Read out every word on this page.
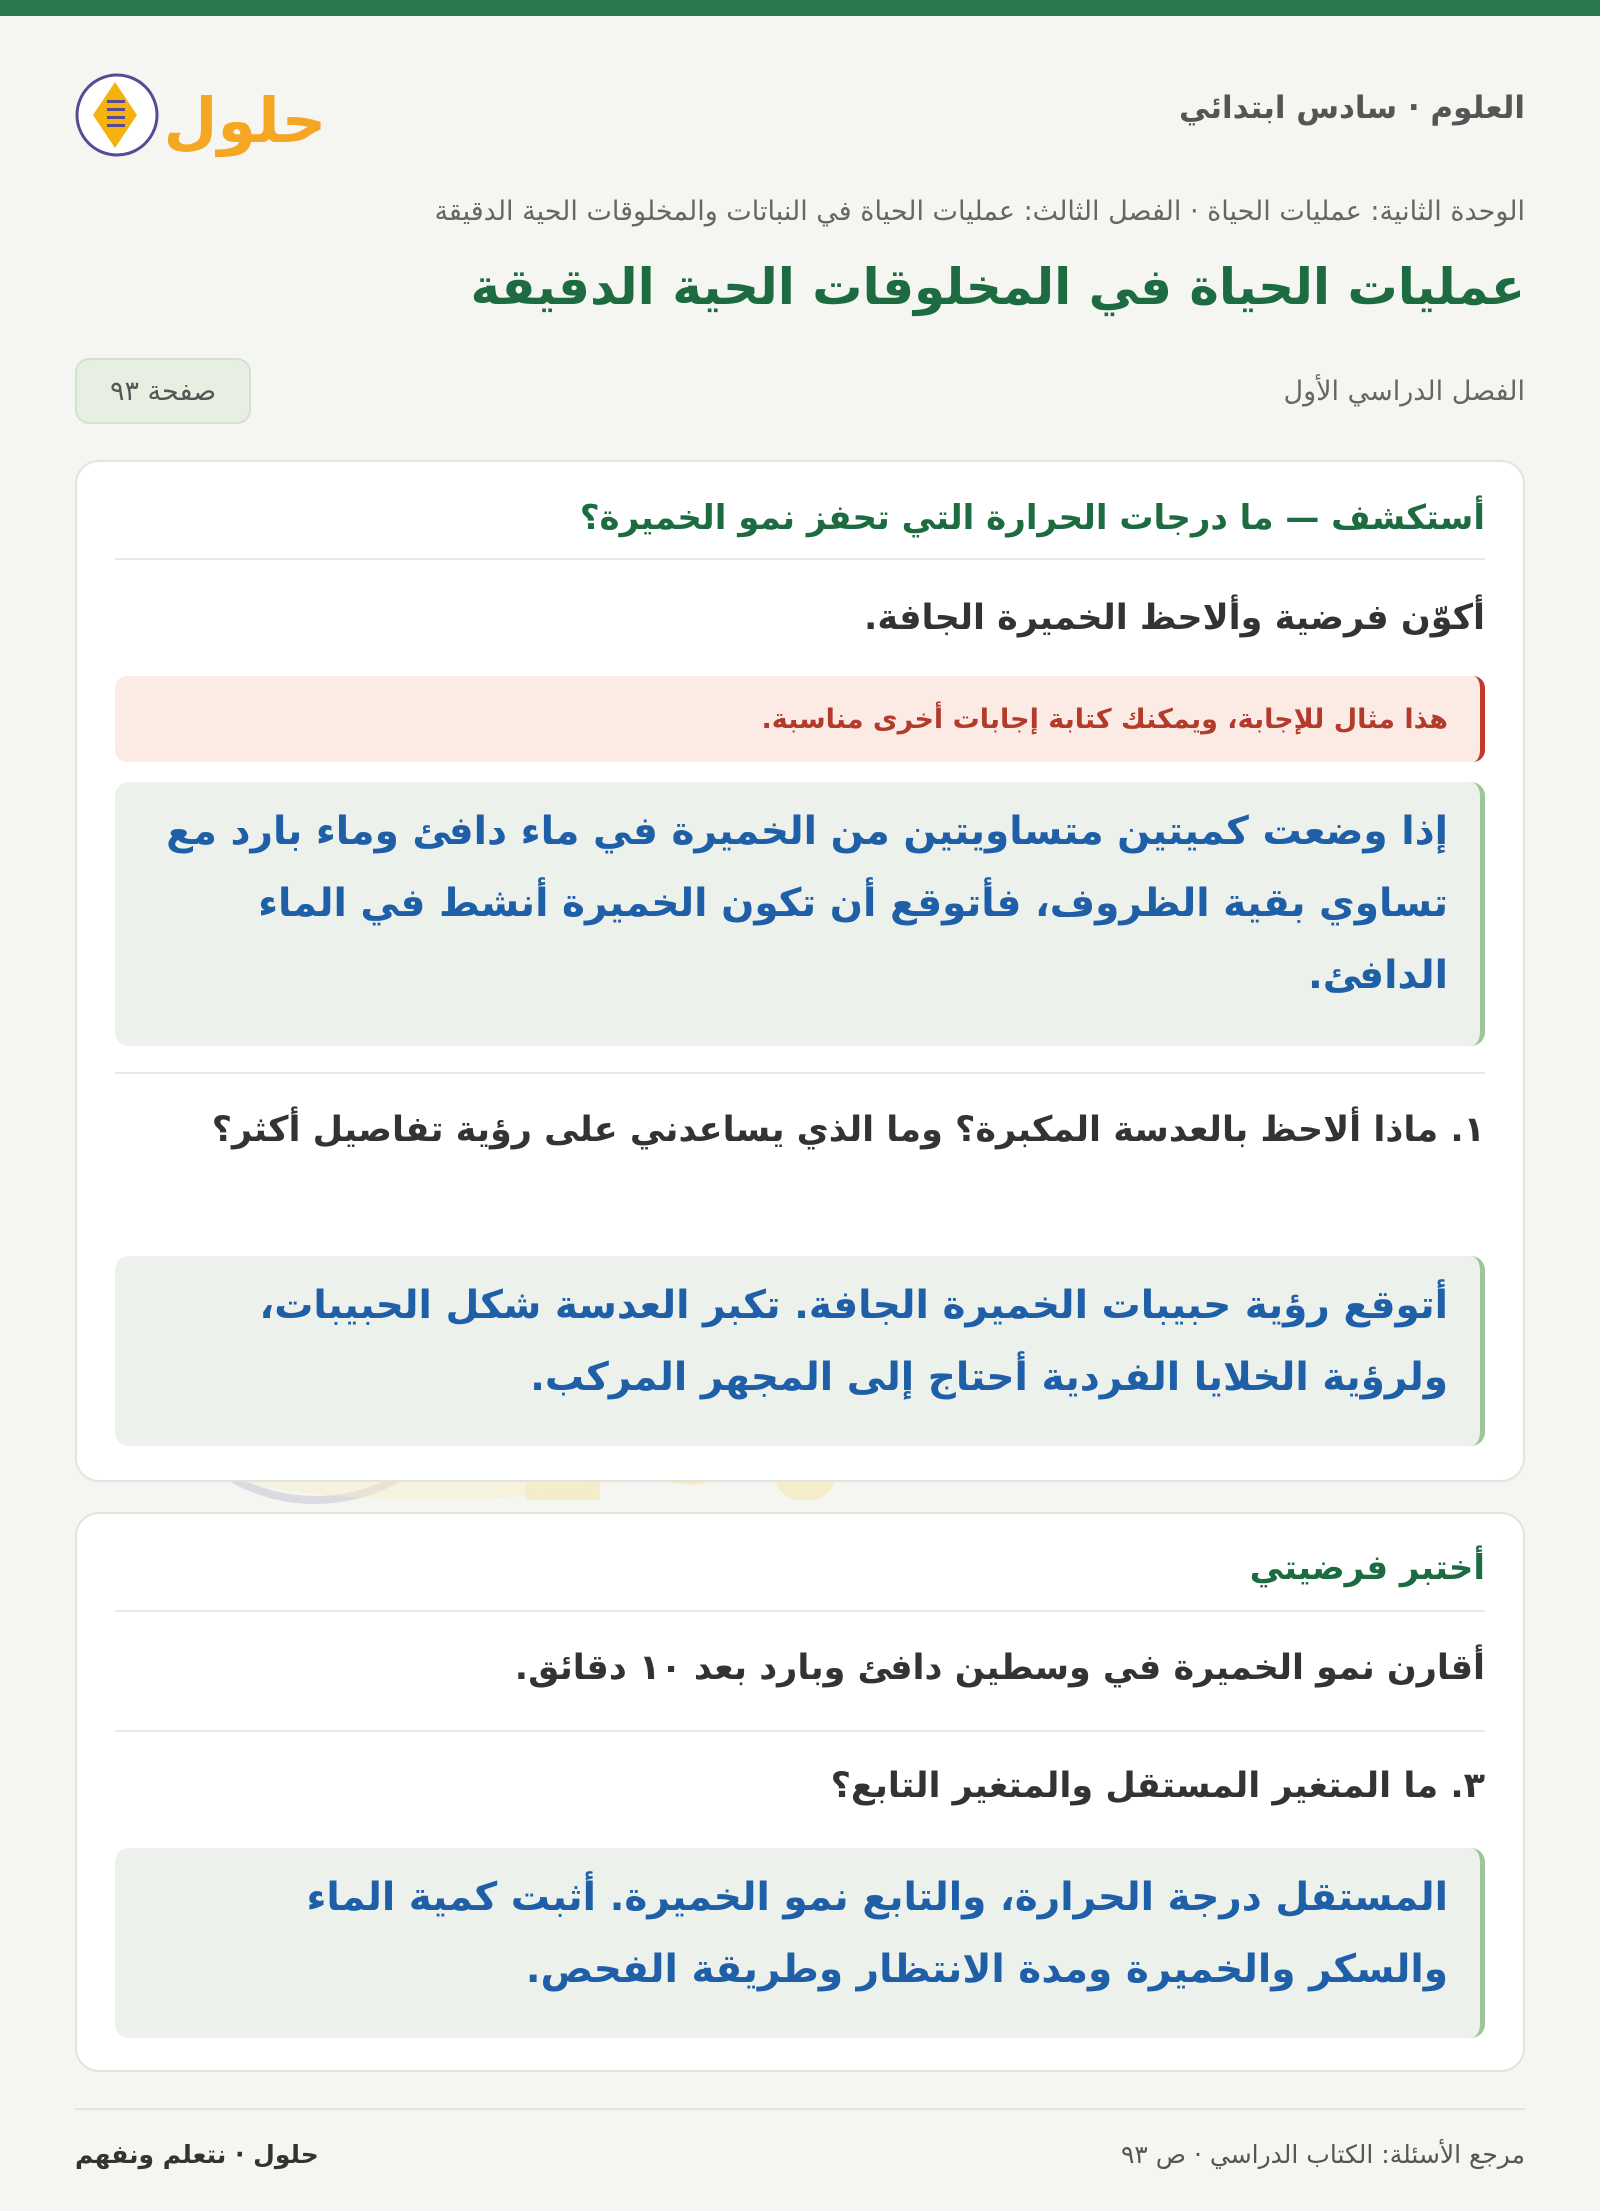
العلوم · سادس ابتدائي
حلول
الوحدة الثانية: عمليات الحياة · الفصل الثالث: عمليات الحياة في النباتات والمخلوقات الحية الدقيقة
عمليات الحياة في المخلوقات الحية الدقيقة
الفصل الدراسي الأول
صفحة ٩٣
أستكشف — ما درجات الحرارة التي تحفز نمو الخميرة؟
أكوّن فرضية وألاحظ الخميرة الجافة.
هذا مثال للإجابة، ويمكنك كتابة إجابات أخرى مناسبة.
إذا وضعت كميتين متساويتين من الخميرة في ماء دافئ وماء بارد مع تساوي بقية الظروف، فأتوقع أن تكون الخميرة أنشط في الماء الدافئ.
١. ماذا ألاحظ بالعدسة المكبرة؟ وما الذي يساعدني على رؤية تفاصيل أكثر؟
أتوقع رؤية حبيبات الخميرة الجافة. تكبر العدسة شكل الحبيبات، ولرؤية الخلايا الفردية أحتاج إلى المجهر المركب.
أختبر فرضيتي
أقارن نمو الخميرة في وسطين دافئ وبارد بعد ١٠ دقائق.
٣. ما المتغير المستقل والمتغير التابع؟
المستقل درجة الحرارة، والتابع نمو الخميرة. أثبت كمية الماء والسكر والخميرة ومدة الانتظار وطريقة الفحص.
مرجع الأسئلة: الكتاب الدراسي · ص ٩٣
حلول · نتعلم ونفهم
